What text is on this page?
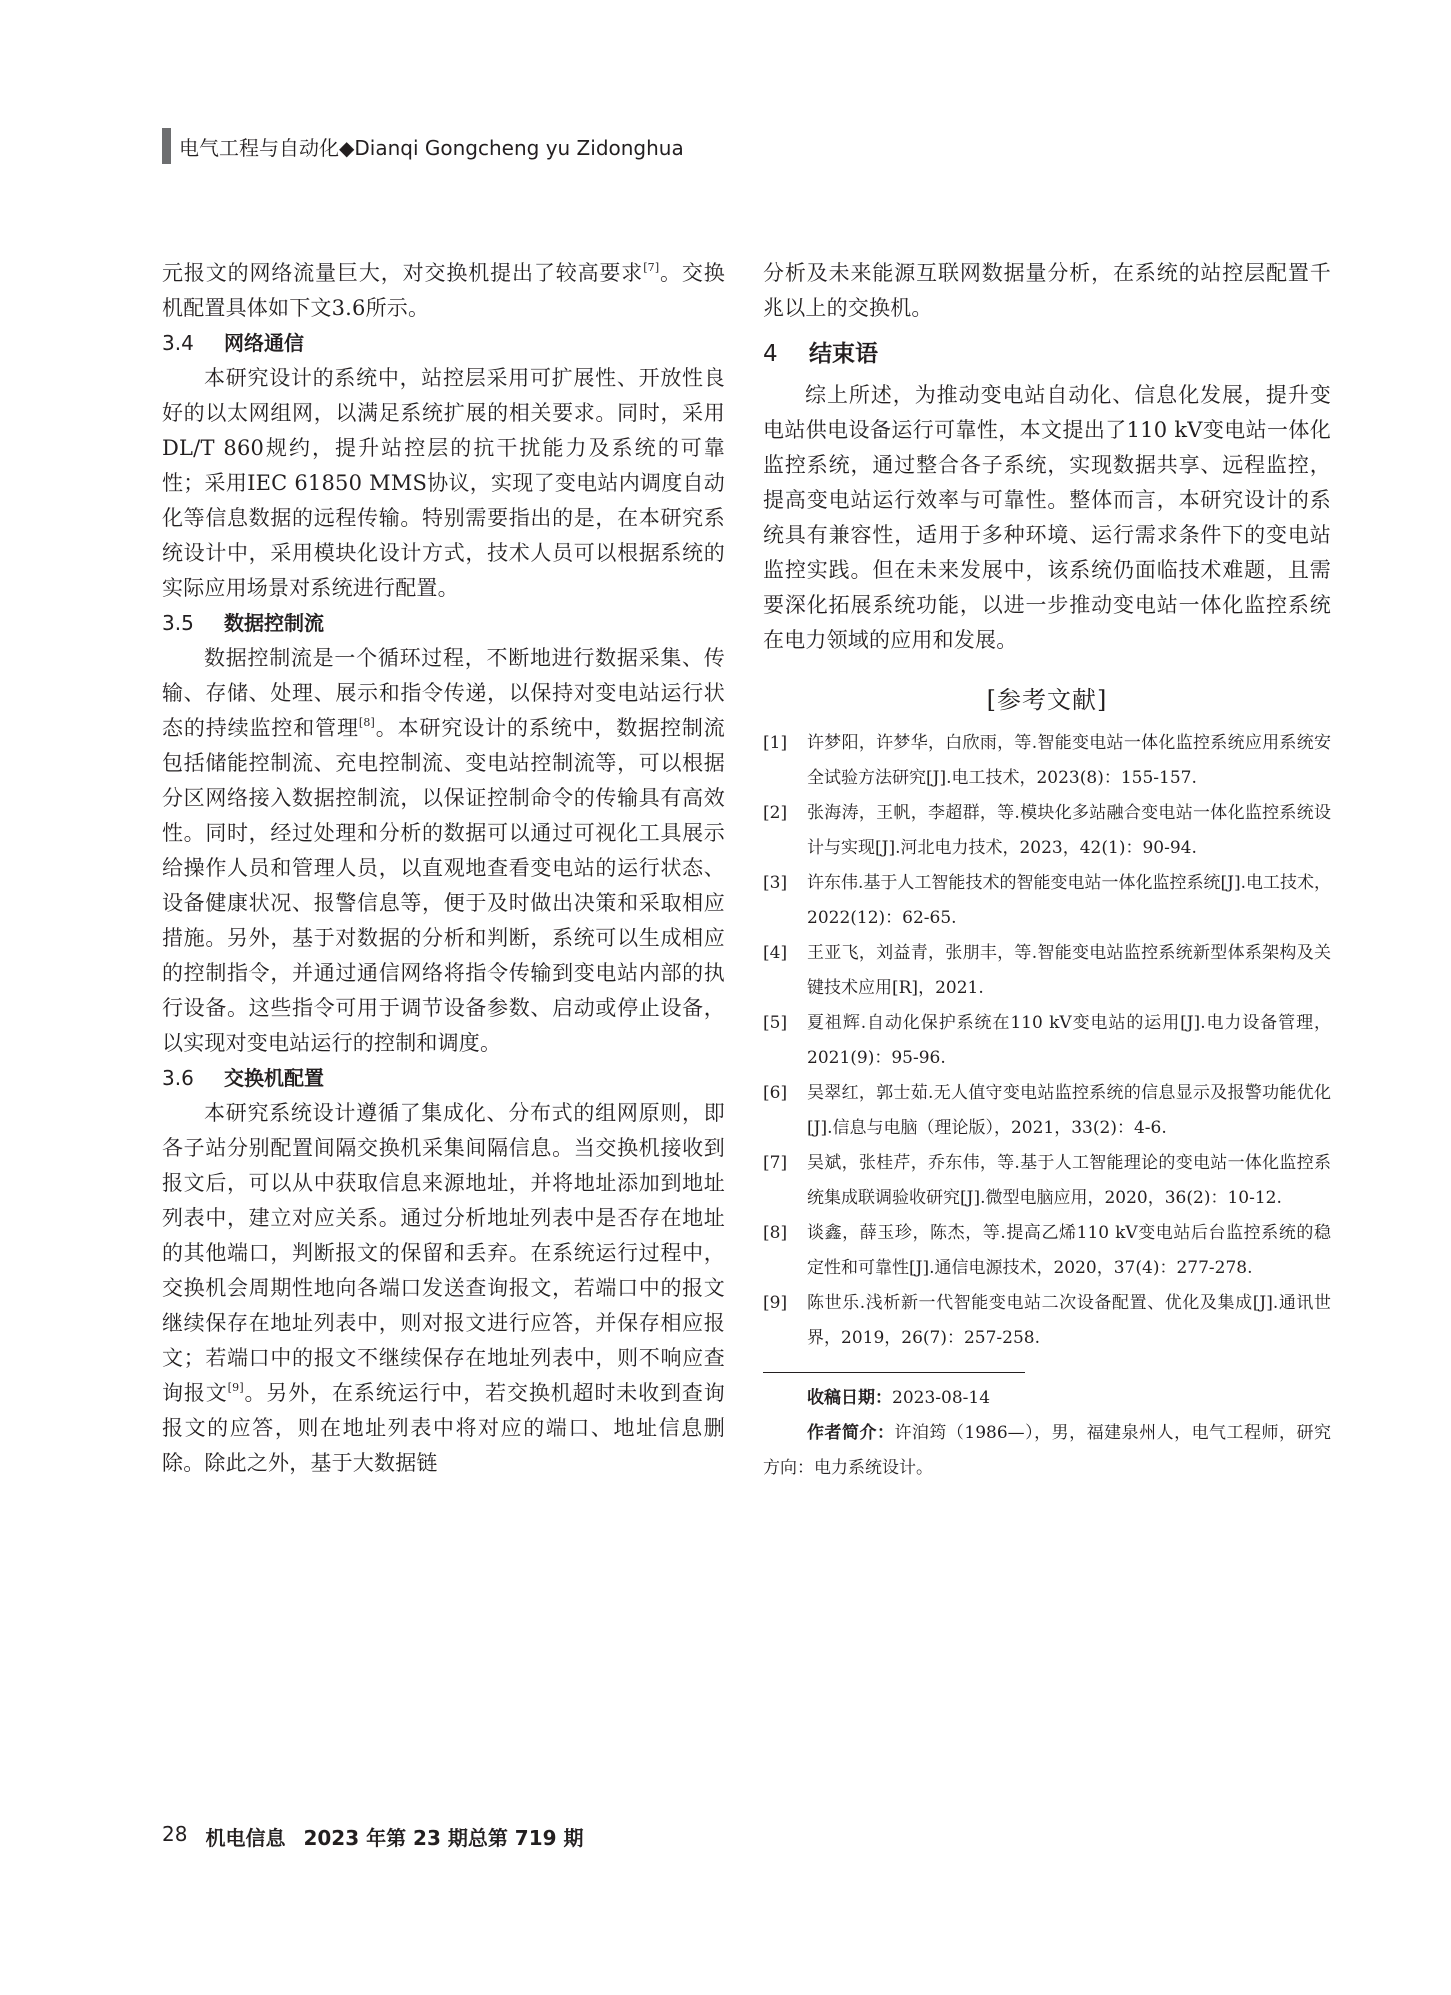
电气工程与自动化◆Dianqi Gongcheng yu Zidonghua

元报文的网络流量巨大，对交换机提出了较高要求[7]。交换机配置具体如下文3.6所示。

3.4	网络通信

本研究设计的系统中，站控层采用可扩展性、开放性良好的以太网组网，以满足系统扩展的相关要求。同时，采用DL/T 860规约，提升站控层的抗干扰能力及系统的可靠性；采用IEC 61850 MMS协议，实现了变电站内调度自动化等信息数据的远程传输。特别需要指出的是，在本研究系统设计中，采用模块化设计方式，技术人员可以根据系统的实际应用场景对系统进行配置。

3.5	数据控制流

数据控制流是一个循环过程，不断地进行数据采集、传输、存储、处理、展示和指令传递，以保持对变电站运行状态的持续监控和管理[8]。本研究设计的系统中，数据控制流包括储能控制流、充电控制流、变电站控制流等，可以根据分区网络接入数据控制流，以保证控制命令的传输具有高效性。同时，经过处理和分析的数据可以通过可视化工具展示给操作人员和管理人员，以直观地查看变电站的运行状态、设备健康状况、报警信息等，便于及时做出决策和采取相应措施。另外，基于对数据的分析和判断，系统可以生成相应的控制指令，并通过通信网络将指令传输到变电站内部的执行设备。这些指令可用于调节设备参数、启动或停止设备，以实现对变电站运行的控制和调度。

3.6	交换机配置

本研究系统设计遵循了集成化、分布式的组网原则，即各子站分别配置间隔交换机采集间隔信息。当交换机接收到报文后，可以从中获取信息来源地址，并将地址添加到地址列表中，建立对应关系。通过分析地址列表中是否存在地址的其他端口，判断报文的保留和丢弃。在系统运行过程中，交换机会周期性地向各端口发送查询报文，若端口中的报文继续保存在地址列表中，则对报文进行应答，并保存相应报文；若端口中的报文不继续保存在地址列表中，则不响应查询报文[9]。另外，在系统运行中，若交换机超时未收到查询报文的应答，则在地址列表中将对应的端口、地址信息删除。除此之外，基于大数据链

分析及未来能源互联网数据量分析，在系统的站控层配置千兆以上的交换机。

4	结束语

综上所述，为推动变电站自动化、信息化发展，提升变电站供电设备运行可靠性，本文提出了110 kV变电站一体化监控系统，通过整合各子系统，实现数据共享、远程监控，提高变电站运行效率与可靠性。整体而言，本研究设计的系统具有兼容性，适用于多种环境、运行需求条件下的变电站监控实践。但在未来发展中，该系统仍面临技术难题，且需要深化拓展系统功能，以进一步推动变电站一体化监控系统在电力领域的应用和发展。

[参考文献]
[1]	许梦阳，许梦华，白欣雨，等.智能变电站一体化监控系统应用系统安全试验方法研究[J].电工技术，2023(8)：155-157.
[2]	张海涛，王帆，李超群，等.模块化多站融合变电站一体化监控系统设计与实现[J].河北电力技术，2023，42(1)：90-94.
[3]	许东伟.基于人工智能技术的智能变电站一体化监控系统[J].电工技术，2022(12)：62-65.
[4]	王亚飞，刘益青，张朋丰，等.智能变电站监控系统新型体系架构及关键技术应用[R]，2021.
[5]	夏祖辉.自动化保护系统在110 kV变电站的运用[J].电力设备管理，2021(9)：95-96.
[6]	吴翠红，郭士茹.无人值守变电站监控系统的信息显示及报警功能优化[J].信息与电脑（理论版），2021，33(2)：4-6.
[7]	吴斌，张桂芹，乔东伟，等.基于人工智能理论的变电站一体化监控系统集成联调验收研究[J].微型电脑应用，2020，36(2)：10-12.
[8]	谈鑫，薛玉珍，陈杰，等.提高乙烯110 kV变电站后台监控系统的稳定性和可靠性[J].通信电源技术，2020，37(4)：277-278.
[9]	陈世乐.浅析新一代智能变电站二次设备配置、优化及集成[J].通讯世界，2019，26(7)：257-258.
收稿日期：2023-08-14
作者简介：许洎筠（1986—），男，福建泉州人，电气工程师，研究方向：电力系统设计。
28 机电信息 2023 年第 23 期总第 719 期
